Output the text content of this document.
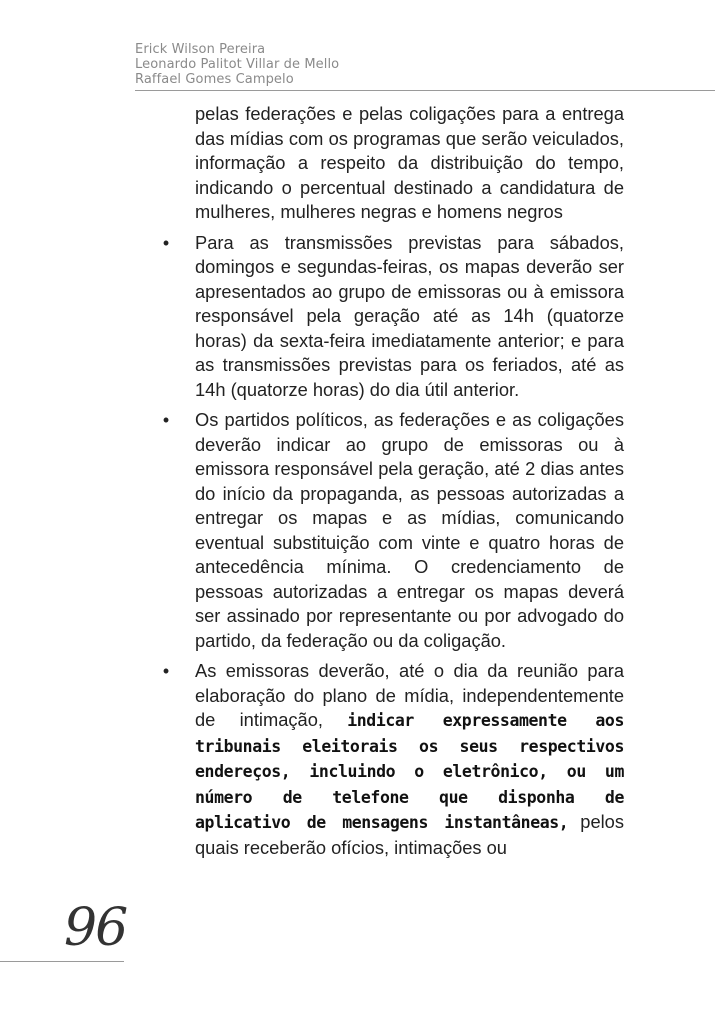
Erick Wilson Pereira
Leonardo Palitot Villar de Mello
Raffael Gomes Campelo

pelas federações e pelas coligações para a entrega das mídias com os programas que serão veiculados, informação a respeito da distribuição do tempo, indicando o percentual destinado a candidatura de mulheres, mulheres negras e homens negros

• Para as transmissões previstas para sábados, domingos e segundas-feiras, os mapas deverão ser apresentados ao grupo de emissoras ou à emissora responsável pela geração até as 14h (quatorze horas) da sexta-feira imediatamente anterior; e para as transmissões previstas para os feriados, até as 14h (quatorze horas) do dia útil anterior.
• Os partidos políticos, as federações e as coligações deverão indicar ao grupo de emissoras ou à emissora responsável pela geração, até 2 dias antes do início da propaganda, as pessoas autorizadas a entregar os mapas e as mídias, comunicando eventual substituição com vinte e quatro horas de antecedência mínima. O credenciamento de pessoas autorizadas a entregar os mapas deverá ser assinado por representante ou por advogado do partido, da federação ou da coligação.
• As emissoras deverão, até o dia da reunião para elaboração do plano de mídia, independentemente de intimação, indicar expressamente aos tribunais eleitorais os seus respectivos endereços, incluindo o eletrônico, ou um número de telefone que disponha de aplicativo de mensagens instantâneas, pelos quais receberão ofícios, intimações ou
96
